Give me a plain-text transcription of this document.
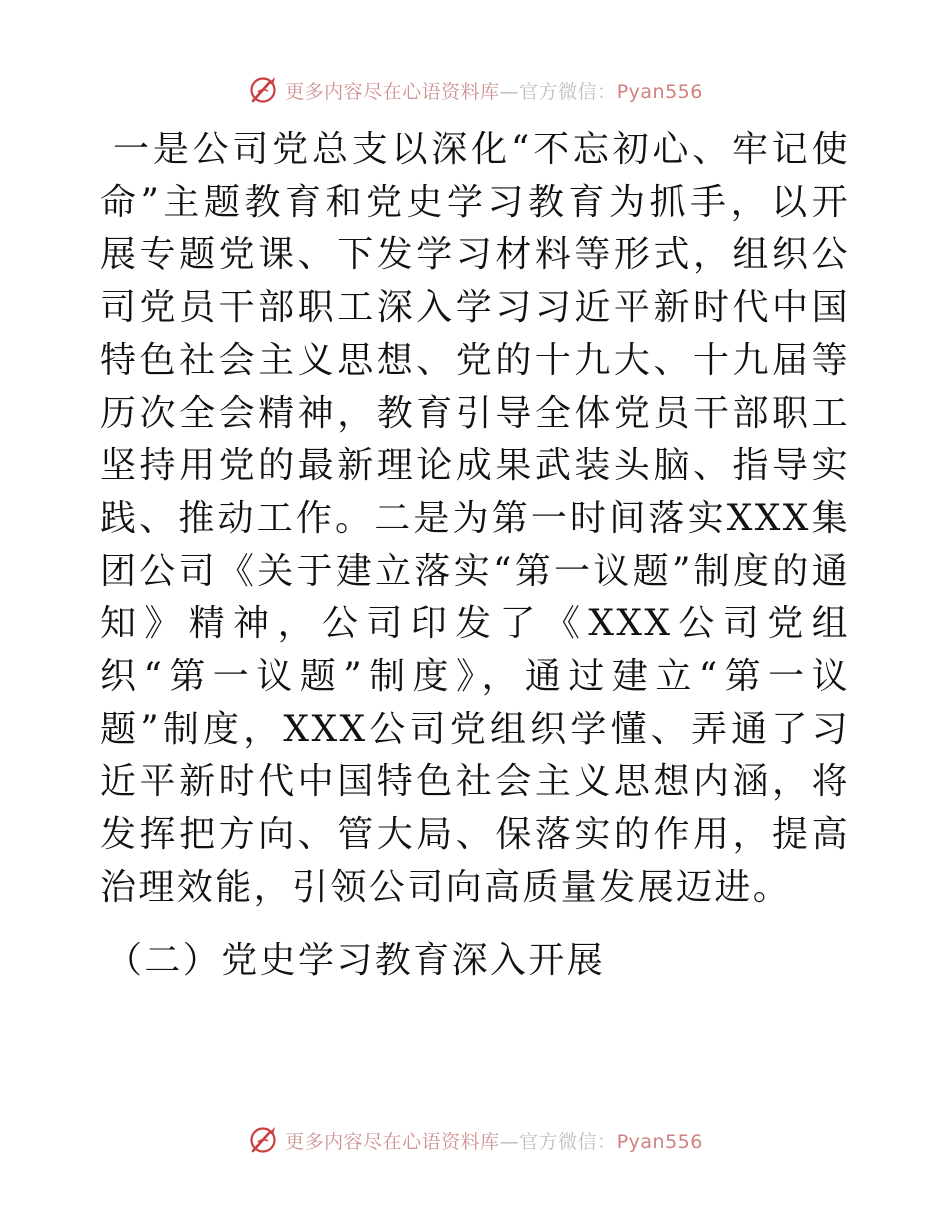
更多内容尽在心语资料库—官方微信：Pyan556

一是公司党总支以深化“不忘初心、牢记使命”主题教育和党史学习教育为抓手，以开展专题党课、下发学习材料等形式，组织公司党员干部职工深入学习习近平新时代中国特色社会主义思想、党的十九大、十九届等历次全会精神，教育引导全体党员干部职工坚持用党的最新理论成果武装头脑、指导实践、推动工作。二是为第一时间落实XXX集团公司《关于建立落实“第一议题”制度的通知》精神，公司印发了《XXX公司党组织“第一议题”制度》，通过建立“第一议题”制度，XXX公司党组织学懂、弄通了习近平新时代中国特色社会主义思想内涵，将发挥把方向、管大局、保落实的作用，提高治理效能，引领公司向高质量发展迈进。

（二）党史学习教育深入开展
更多内容尽在心语资料库—官方微信：Pyan556
